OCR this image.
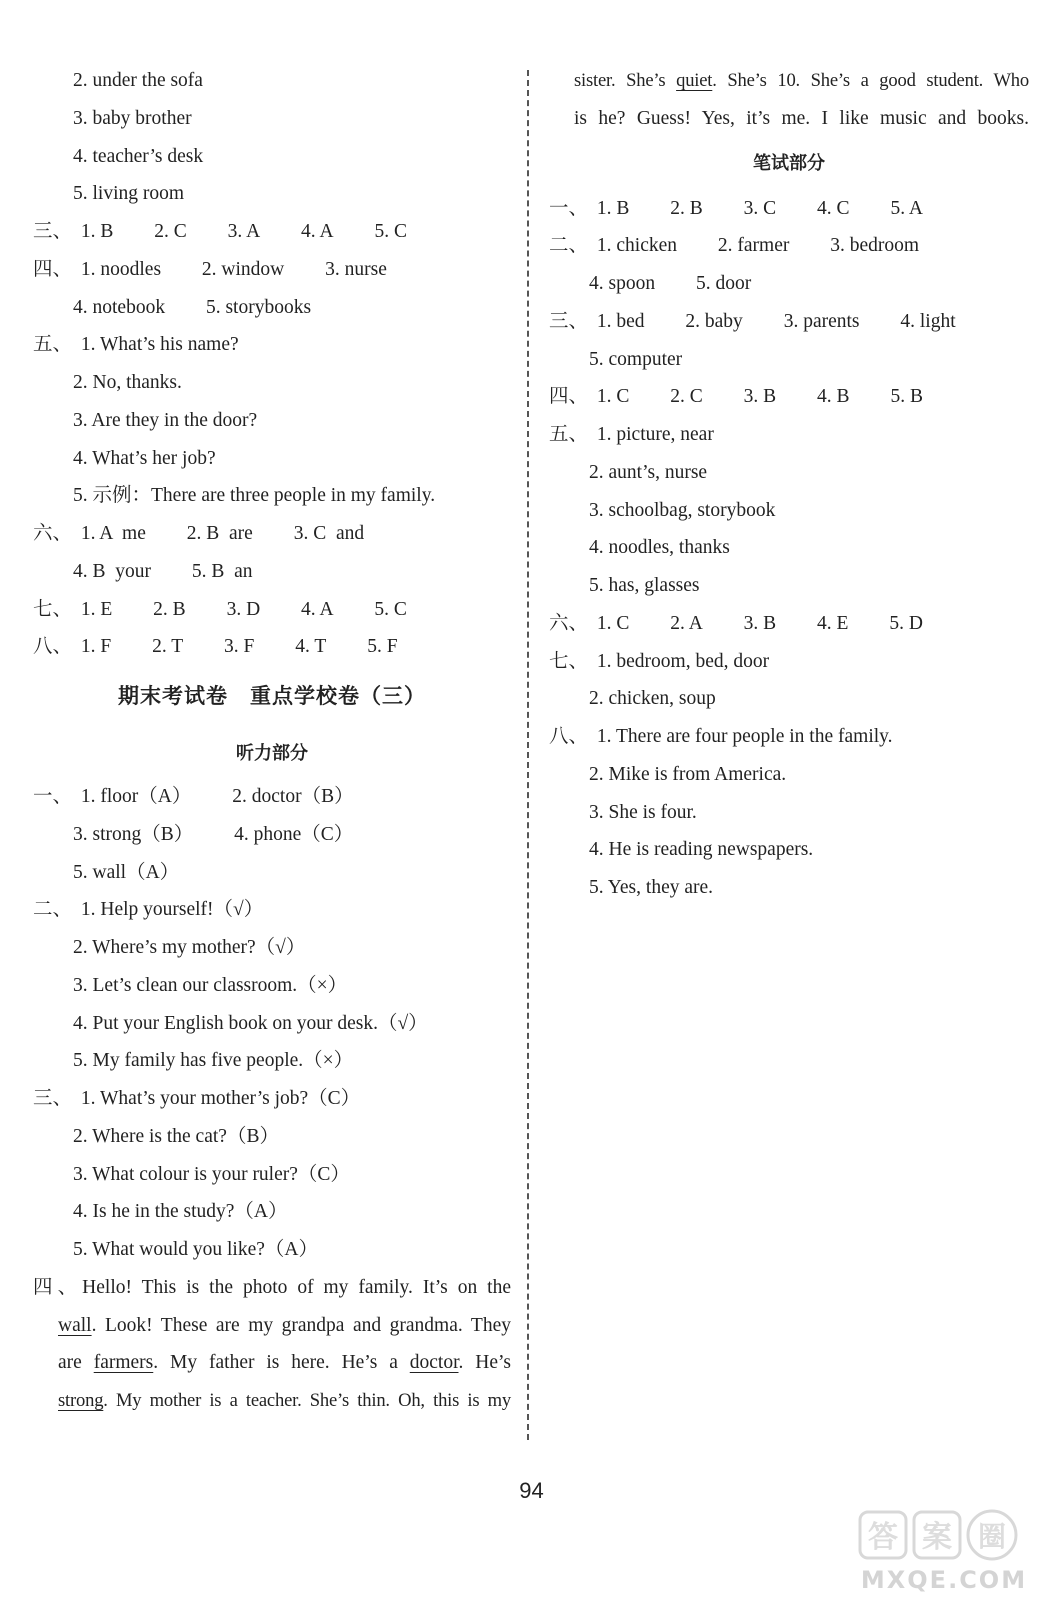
2. under the sofa
3. baby brother
4. teacher’s desk
5. living room
三、 1. B 2. C 3. A 4. A 5. C
四、 1. noodles 2. window 3. nurse
4. notebook 5. storybooks
五、 1. What’s his name?
2. No, thanks.
3. Are they in the door?
4. What’s her job?
5. 示例：There are three people in my family.
六、 1. A  me 2. B  are 3. C  and
4. B  your 5. B  an
七、 1. E 2. B 3. D 4. A 5. C
八、 1. F 2. T 3. F 4. T 5. F
期末考试卷　重点学校卷（三）
听力部分
一、 1. floor（A） 2. doctor（B）
3. strong（B） 4. phone（C）
5. wall（A）
二、 1. Help yourself!（√）
2. Where’s my mother?（√）
3. Let’s clean our classroom.（×）
4. Put your English book on your desk.（√）
5. My family has five people.（×）
三、 1. What’s your mother’s job?（C）
2. Where is the cat?（B）
3. What colour is your ruler?（C）
4. Is he in the study?（A）
5. What would you like?（A）
四、Hello! This is the photo of my family. It’s on the
wall. Look! These are my grandpa and grandma. They
are farmers. My father is here. He’s a doctor. He’s
strong. My mother is a teacher. She’s thin. Oh, this is my
sister. She’s quiet. She’s 10. She’s a good student. Who
is he? Guess! Yes, it’s me. I like music and books.
笔试部分
一、 1. B 2. B 3. C 4. C 5. A
二、 1. chicken 2. farmer 3. bedroom
4. spoon 5. door
三、 1. bed 2. baby 3. parents 4. light
5. computer
四、 1. C 2. C 3. B 4. B 5. B
五、 1. picture, near
2. aunt’s, nurse
3. schoolbag, storybook
4. noodles, thanks
5. has, glasses
六、 1. C 2. A 3. B 4. E 5. D
七、 1. bedroom, bed, door
2. chicken, soup
八、 1. There are four people in the family.
2. Mike is from America.
3. She is four.
4. He is reading newspapers.
5. Yes, they are.
94
答 案 圈
MXQE.COM
